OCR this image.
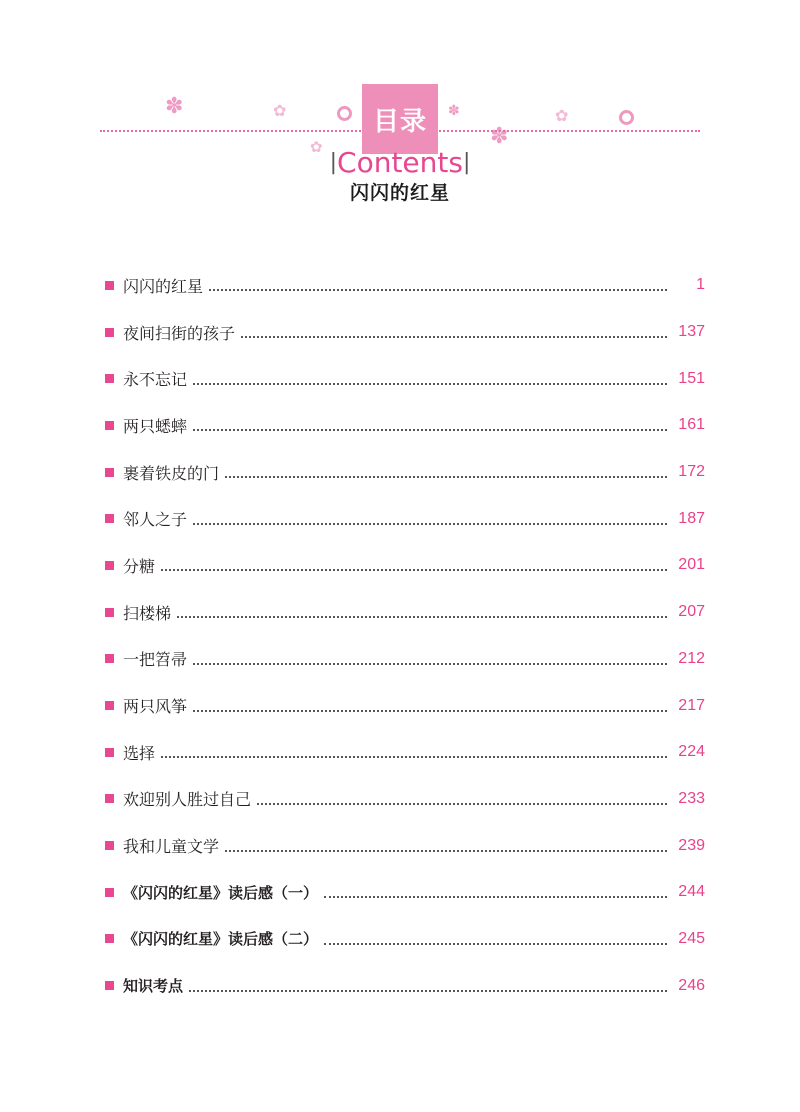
✽	✿
✿
✽
✽
✿
目录
|Contents|
闪闪的红星
闪闪的红星	1
夜间扫街的孩子	137
永不忘记	151
两只蟋蟀	161
裹着铁皮的门	172
邻人之子	187
分糖	201
扫楼梯	207
一把笤帚	212
两只风筝	217
选择	224
欢迎别人胜过自己	233
我和儿童文学	239
《闪闪的红星》读后感（一）	244
《闪闪的红星》读后感（二）	245
知识考点	246
